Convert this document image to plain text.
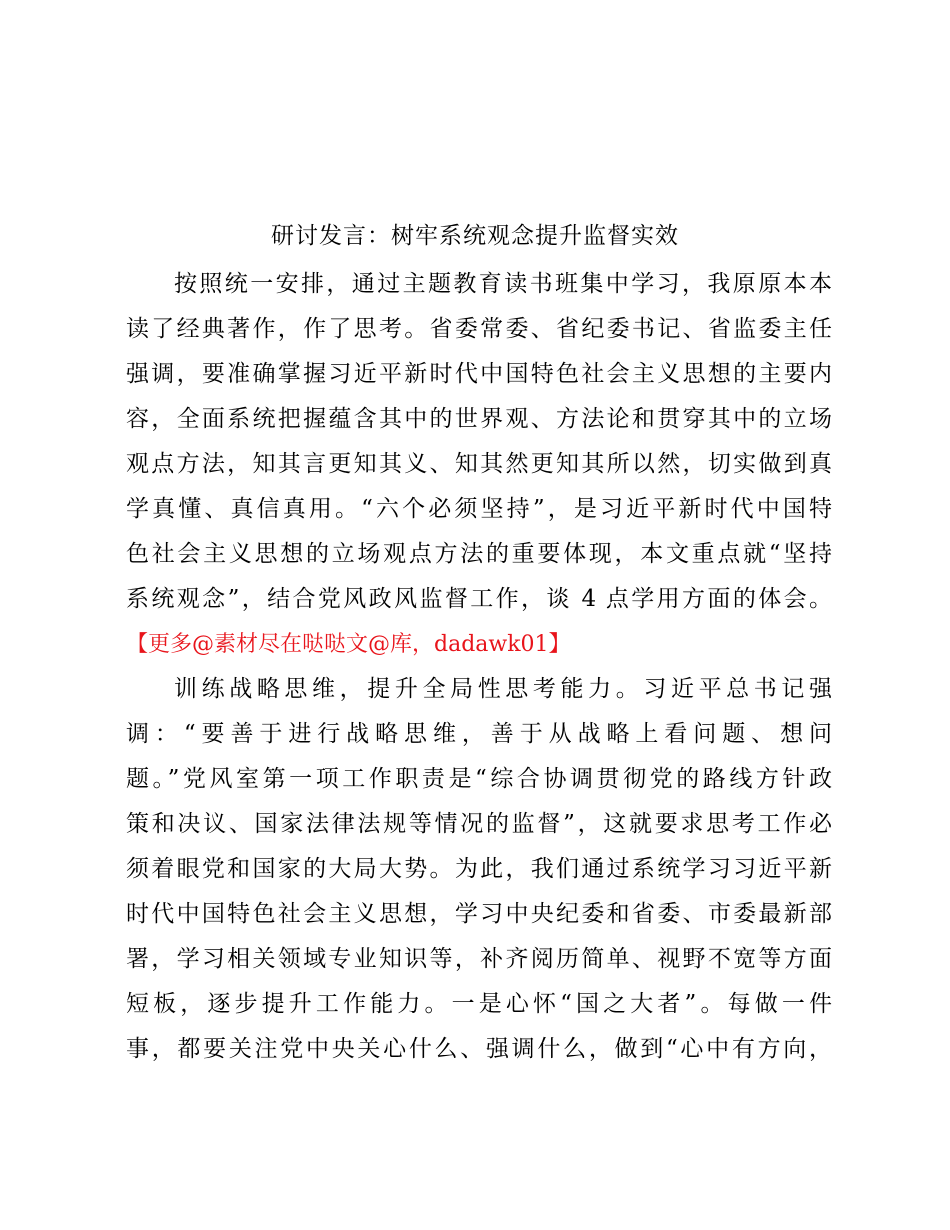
研讨发言：树牢系统观念提升监督实效
按照统一安排，通过主题教育读书班集中学习，我原原本本
读了经典著作，作了思考。省委常委、省纪委书记、省监委主任
强调，要准确掌握习近平新时代中国特色社会主义思想的主要内
容，全面系统把握蕴含其中的世界观、方法论和贯穿其中的立场
观点方法，知其言更知其义、知其然更知其所以然，切实做到真
学真懂、真信真用。“六个必须坚持”，是习近平新时代中国特
色社会主义思想的立场观点方法的重要体现，本文重点就“坚持
系统观念”，结合党风政风监督工作，谈 4 点学用方面的体会。
【更多@素材尽在哒哒文@库，dadawk01】
训练战略思维，提升全局性思考能力。习近平总书记强
调：“要善于进行战略思维，善于从战略上看问题、想问
题。”党风室第一项工作职责是“综合协调贯彻党的路线方针政
策和决议、国家法律法规等情况的监督”，这就要求思考工作必
须着眼党和国家的大局大势。为此，我们通过系统学习习近平新
时代中国特色社会主义思想，学习中央纪委和省委、市委最新部
署，学习相关领域专业知识等，补齐阅历简单、视野不宽等方面
短板，逐步提升工作能力。一是心怀“国之大者”。每做一件
事，都要关注党中央关心什么、强调什么，做到“心中有方向，
